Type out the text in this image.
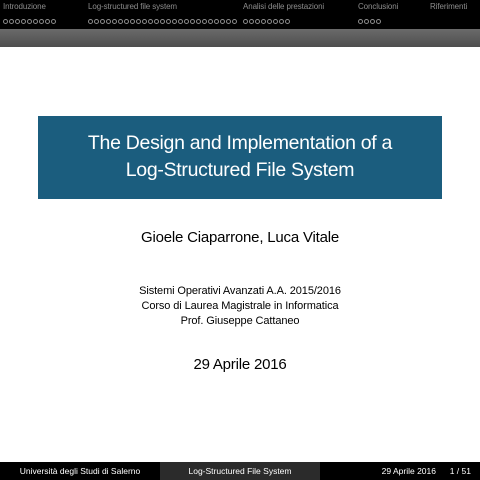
Introduzione	Log-structured file system	Analisi delle prestazioni	Conclusioni	Riferimenti
The Design and Implementation of a
Log-Structured File System
Gioele Ciaparrone, Luca Vitale
Sistemi Operativi Avanzati A.A. 2015/2016
Corso di Laurea Magistrale in Informatica
Prof. Giuseppe Cattaneo
29 Aprile 2016
Università degli Studi di Salerno	Log-Structured File System	29 Aprile 2016 1 / 51
